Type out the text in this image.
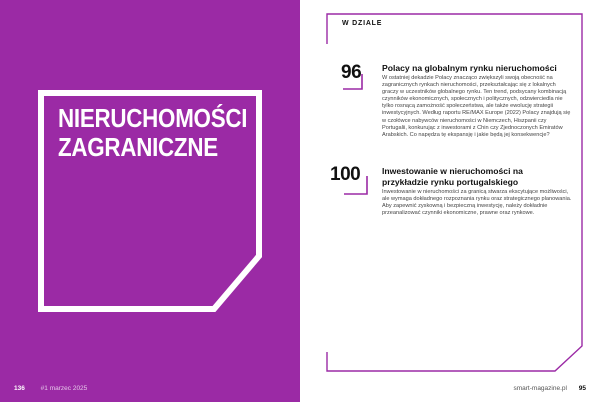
NIERUCHOMOŚCI
ZAGRANICZNE
136 #1 marzec 2025
W DZIALE
96 Polacy na globalnym rynku nieruchomości
W ostatniej dekadzie Polacy znacząco zwiększyli swoją obecność na zagranicznych rynkach nieruchomości, przekształcając się z lokalnych graczy w uczestników globalnego rynku. Ten trend, podsycany kombinacją czynników ekonomicznych, społecznych i politycznych, odzwierciedla nie tylko rosnącą zamożność społeczeństwa, ale także ewolucję strategii inwestycyjnych. Według raportu RE/MAX Europe (2022) Polacy znajdują się w czołówce nabywców nieruchomości w Niemczech, Hiszpanii czy Portugalii, konkurując z inwestorami z Chin czy Zjednoczonych Emiratów Arabskich. Co napędza tę ekspansję i jakie będą jej konsekwencje?
100	Inwestowanie w nieruchomości na przykładzie rynku portugalskiego
Inwestowanie w nieruchomości za granicą stwarza ekscytujące możliwości, ale wymaga dokładnego rozpoznania rynku oraz strategicznego planowania. Aby zapewnić zyskowną i bezpieczną inwestycję, należy dokładnie przeanalizować czynniki ekonomiczne, prawne oraz rynkowe.
smart-magazine.pl 95
